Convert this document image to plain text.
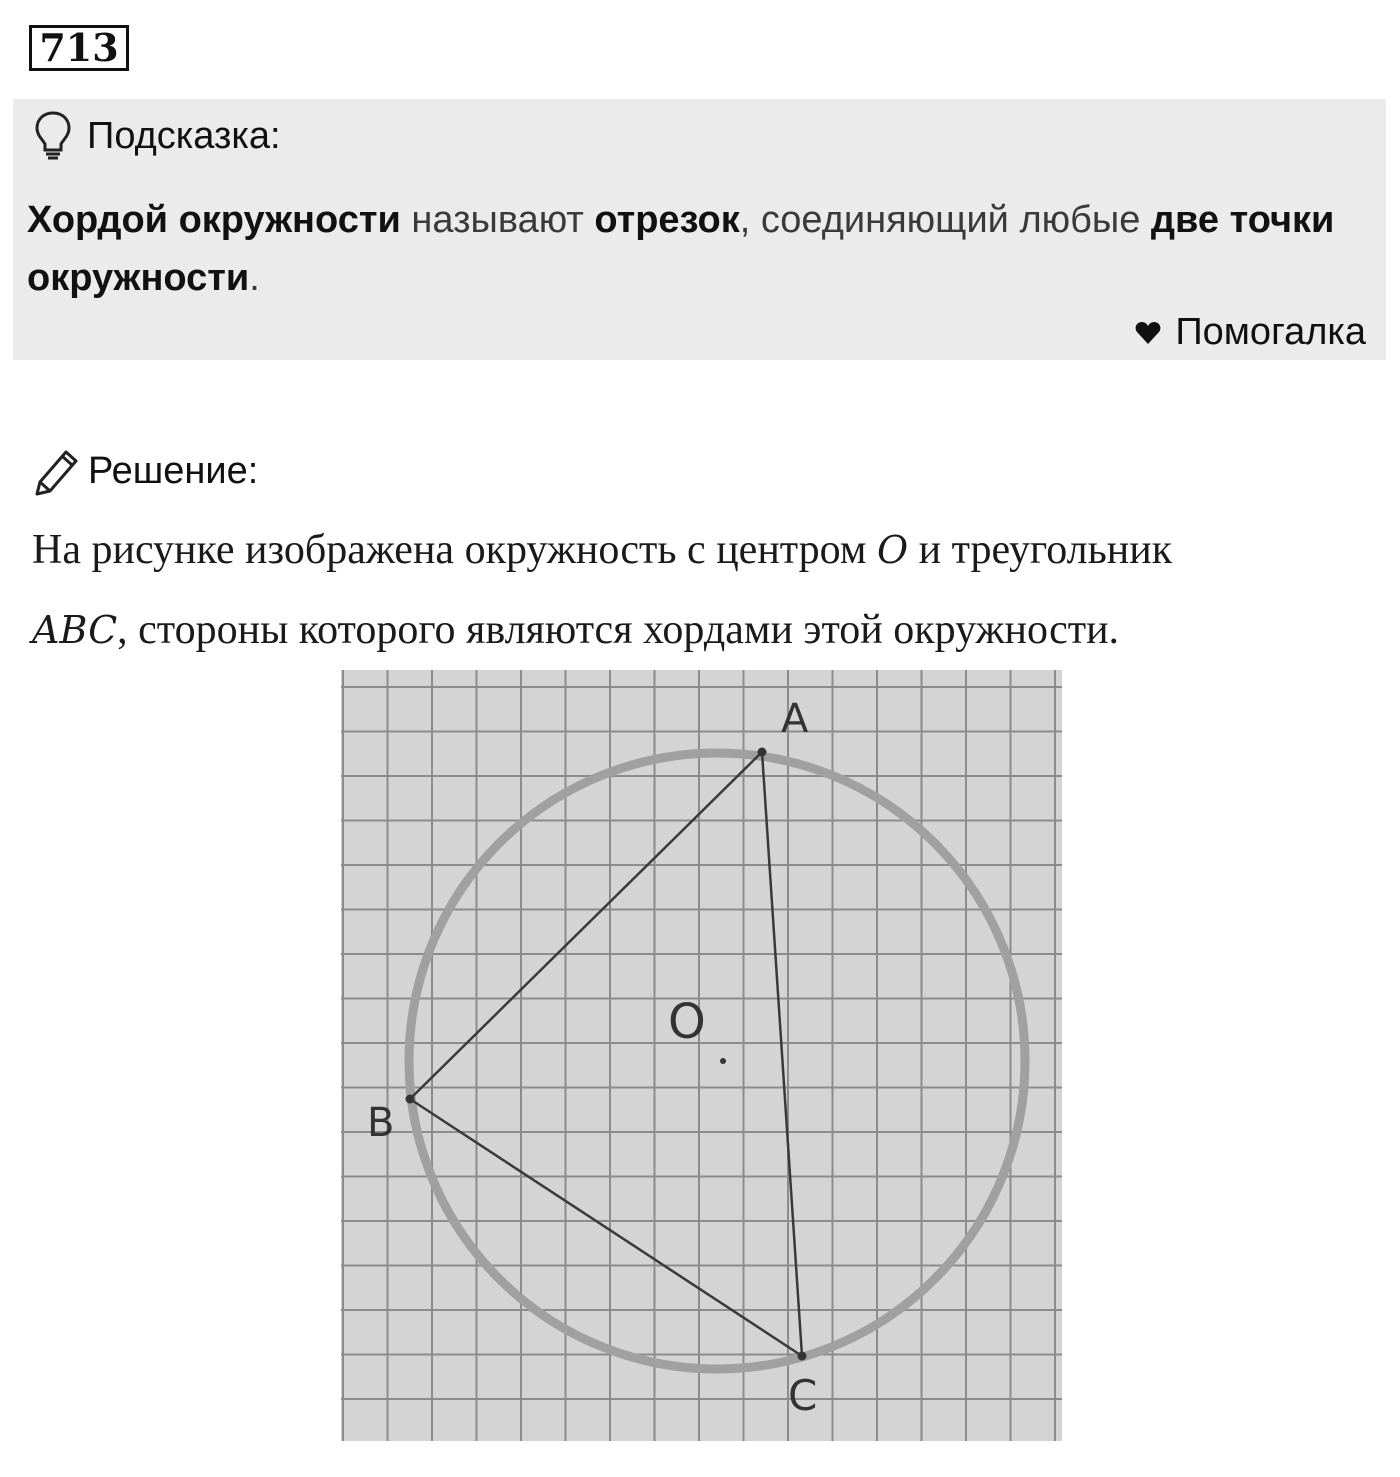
713
Подсказка:
Хордой окружности называют отрезок, соединяющий любые две точки окружности.
Помогалка
Решение:
На рисунке изображена окружность с центром O и треугольник
ABC, стороны которого являются хордами этой окружности.
A
B
C
O
